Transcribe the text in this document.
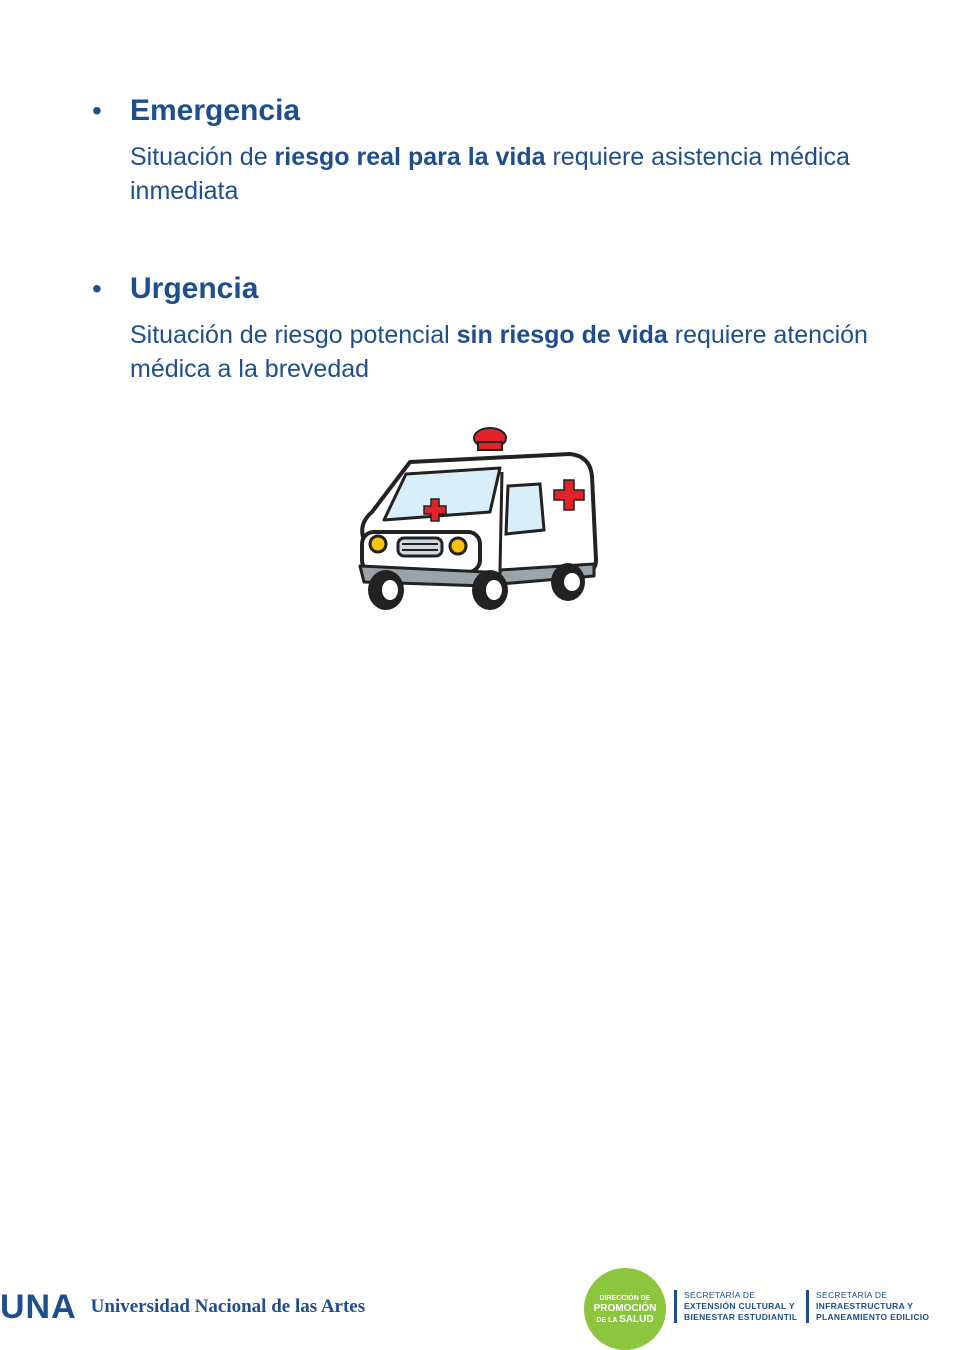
• Emergencia
Situación de riesgo real para la vida requiere asistencia médica inmediata
• Urgencia
Situación de riesgo potencial sin riesgo de vida requiere atención médica a la brevedad
UNA Universidad Nacional de las Artes	DIRECCIÓN DE
PROMOCIÓN
DE LA SALUD
SECRETARÍA DE
EXTENSIÓN CULTURAL Y
BIENESTAR ESTUDIANTIL
SECRETARÍA DE
INFRAESTRUCTURA Y
PLANEAMIENTO EDILICIO
